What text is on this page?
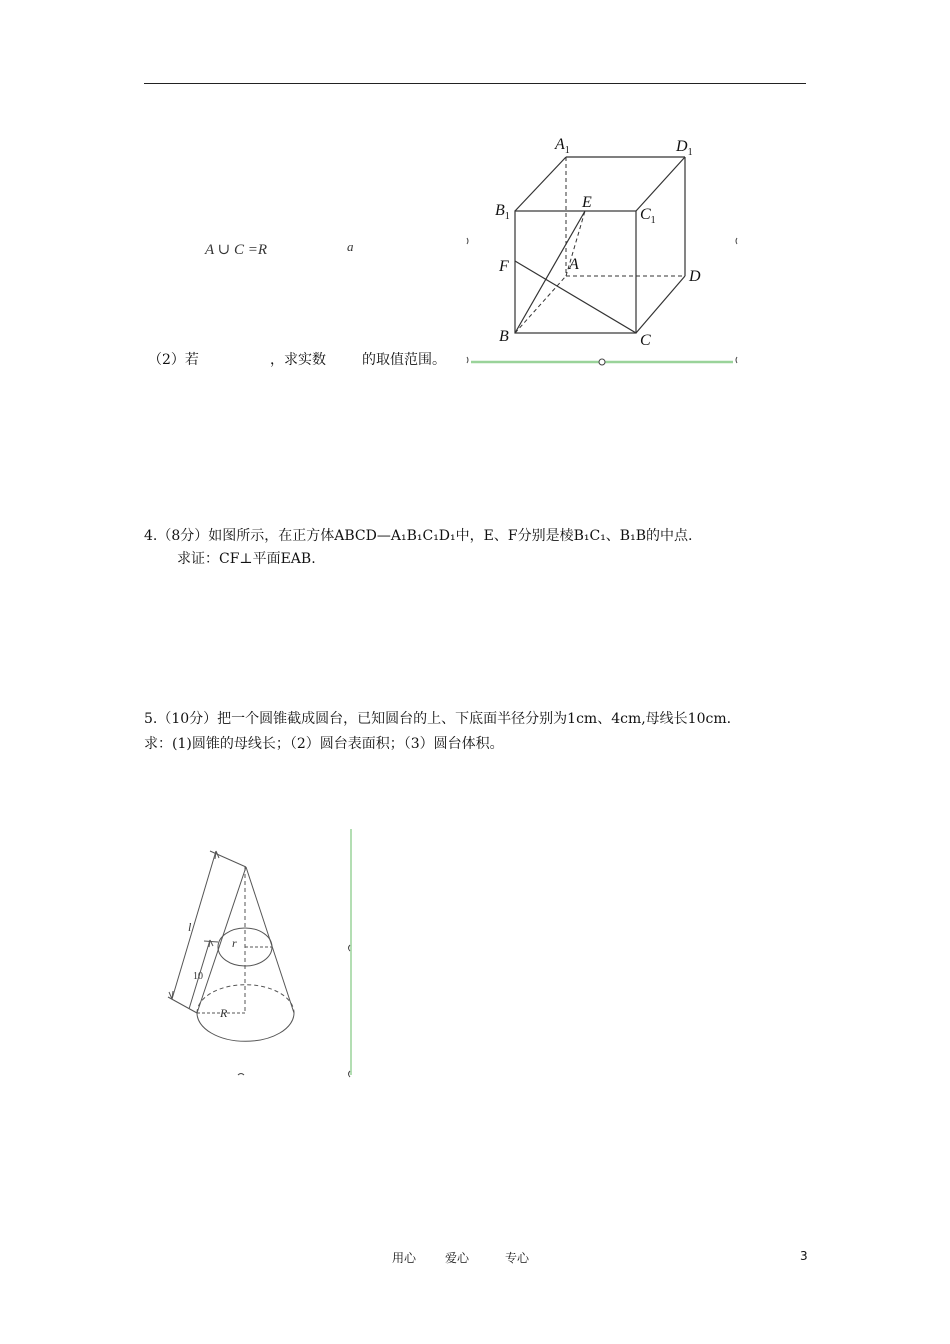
A ∪ C =R	a
（2）若	，求实数	的取值范围。
$A_1$	$D_1$
$B_1$	$C_1$
E
F	A
D
B	C
4.（8分）如图所示，在正方体ABCD—A₁B₁C₁D₁中，E、F分别是棱B₁C₁、B₁B的中点.
求证：CF⊥平面EAB.
5.（10分）把一个圆锥截成圆台，已知圆台的上、下底面半径分别为1cm、4cm,母线长10cm.
求：(1)圆锥的母线长；（2）圆台表面积；（3）圆台体积。
l
r
R
10
用心 爱心	专心	3
